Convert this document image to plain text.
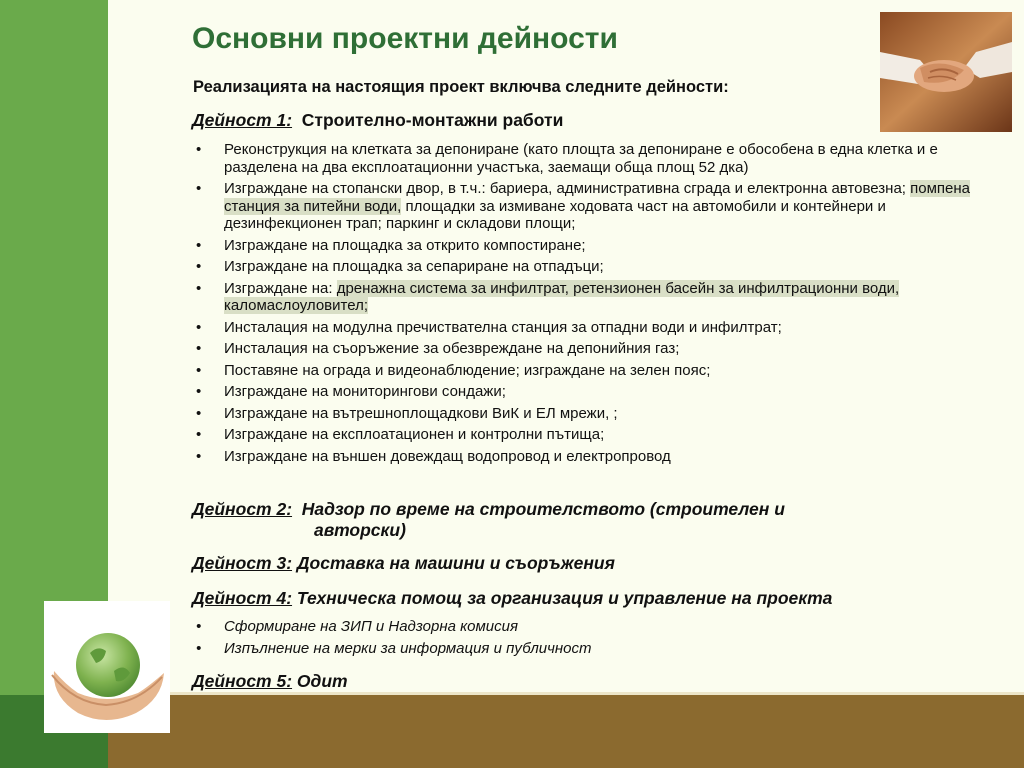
Основни проектни дейности
Реализацията на настоящия проект включва следните дейности:
Дейност 1: Строително-монтажни работи
• Реконструкция на клетката за депониране (като площта за депониране е обособена в една клетка и е разделена на два експлоатационни участъка, заемащи обща площ 52 дка)
• Изграждане на стопански двор, в т.ч.: бариера, административна сграда и електронна автовезна; помпена станция за питейни води, площадки за измиване ходовата част на автомобили и контейнери и дезинфекционен трап; паркинг и складови площи;
• Изграждане на площадка за открито компостиране;
• Изграждане на площадка за сепариране на отпадъци;
• Изграждане на: дренажна система за инфилтрат, ретензионен басейн за инфилтрационни води, каломаслоуловител;
• Инсталация на модулна пречиствателна станция за отпадни води и инфилтрат;
• Инсталация на съоръжение за обезвреждане на депонийния газ;
• Поставяне на ограда и видеонаблюдение; изграждане на зелен пояс;
• Изграждане на мониторингови сондажи;
• Изграждане на вътрешноплощадкови ВиК и ЕЛ мрежи, ;
• Изграждане на експлоатационен и контролни пътища;
• Изграждане на външен довеждащ водопровод и електропровод
Дейност 2: Надзор по време на строителството (строителен и
авторски)
Дейност 3: Доставка на машини и съоръжения
Дейност 4: Техническа помощ за организация и управление на проекта
• Сформиране на ЗИП и Надзорна комисия
• Изпълнение на мерки за информация и публичност
Дейност 5: Одит
